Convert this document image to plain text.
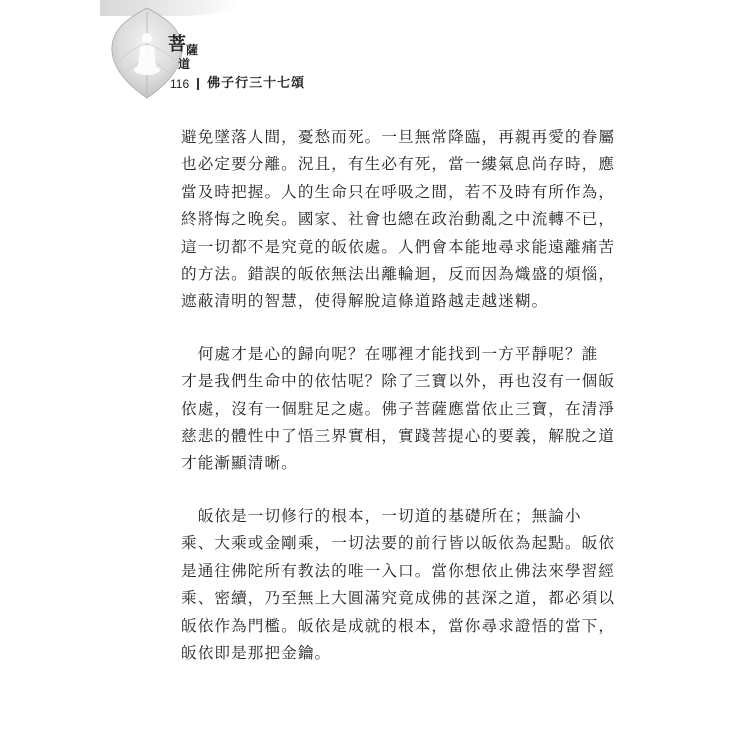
菩 薩
道
116 佛子行三十七頌

避免墜落人間，憂愁而死。一旦無常降臨，再親再愛的眷屬
也必定要分離。況且，有生必有死，當一縷氣息尚存時，應
當及時把握。人的生命只在呼吸之間，若不及時有所作為，
終將悔之晚矣。國家、社會也總在政治動亂之中流轉不已，
這一切都不是究竟的皈依處。人們會本能地尋求能遠離痛苦
的方法。錯誤的皈依無法出離輪迴，反而因為熾盛的煩惱，
遮蔽清明的智慧，使得解脫這條道路越走越迷糊。

　何處才是心的歸向呢？在哪裡才能找到一方平靜呢？誰
才是我們生命中的依怙呢？除了三寶以外，再也沒有一個皈
依處，沒有一個駐足之處。佛子菩薩應當依止三寶，在清淨
慈悲的體性中了悟三界實相，實踐菩提心的要義，解脫之道
才能漸顯清晰。

　皈依是一切修行的根本，一切道的基礎所在；無論小
乘、大乘或金剛乘，一切法要的前行皆以皈依為起點。皈依
是通往佛陀所有教法的唯一入口。當你想依止佛法來學習經
乘、密續，乃至無上大圓滿究竟成佛的甚深之道，都必須以
皈依作為門檻。皈依是成就的根本，當你尋求證悟的當下，
皈依即是那把金鑰。
